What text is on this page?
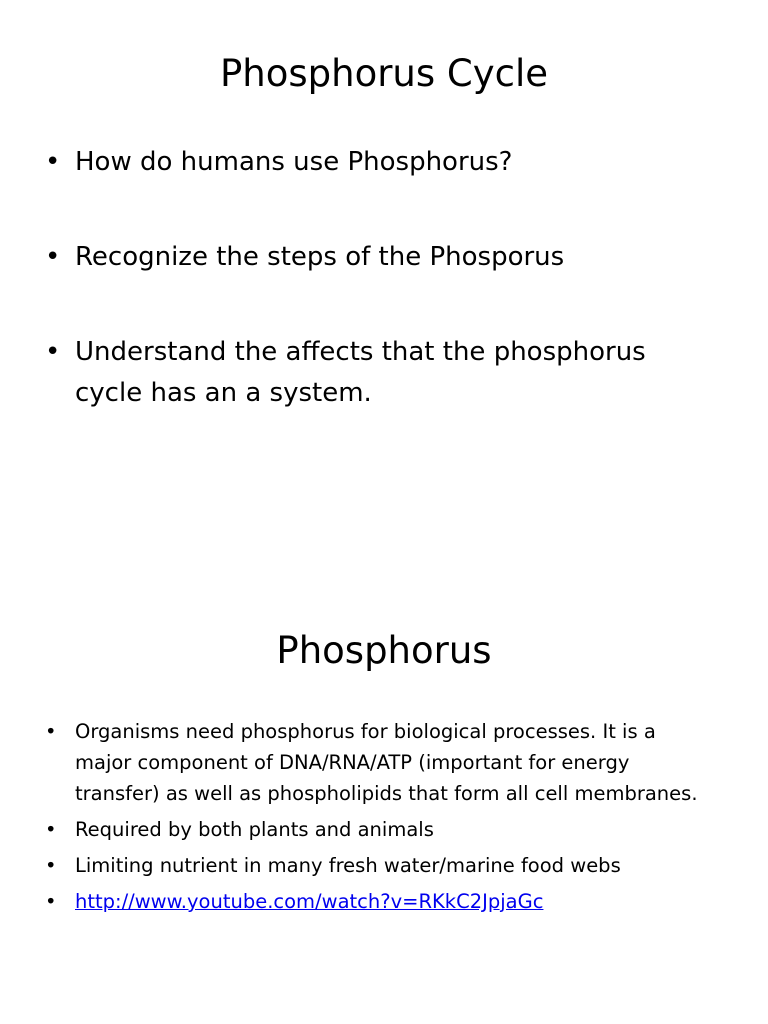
Phosphorus Cycle
• How do humans use Phosphorus?
• Recognize the steps of the Phosporus
• Understand the affects that the phosphorus cycle has an a system.
Phosphorus
• Organisms need phosphorus for biological processes. It is a major component of DNA/RNA/ATP (important for energy transfer) as well as phospholipids that form all cell membranes.
• Required by both plants and animals
• Limiting nutrient in many fresh water/marine food webs
• http://www.youtube.com/watch?v=RKkC2JpjaGc
